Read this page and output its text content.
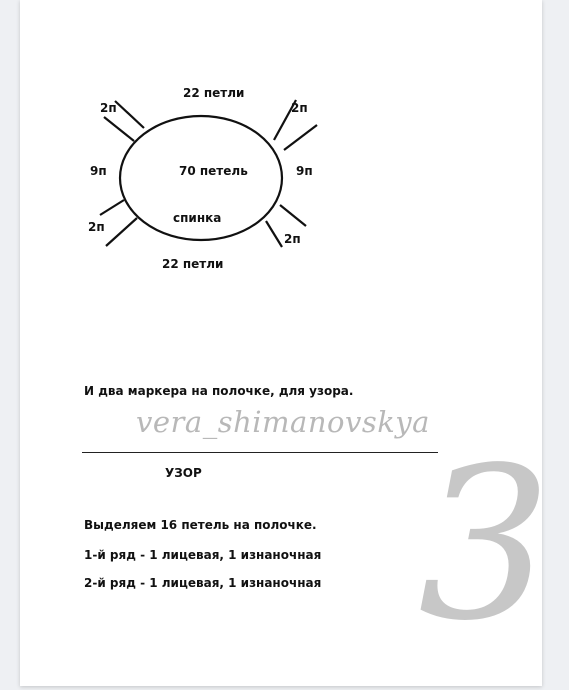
22 петли
22 петли
70 петель
спинка
9п	9п
2п	2п
2п
2п
И два маркера на полочке, для узора.
vera_shimanovskya
УЗОР
Выделяем 16 петель на полочке.
1-й ряд - 1 лицевая, 1 изнаночная
2-й ряд - 1 лицевая, 1 изнаночная 3
